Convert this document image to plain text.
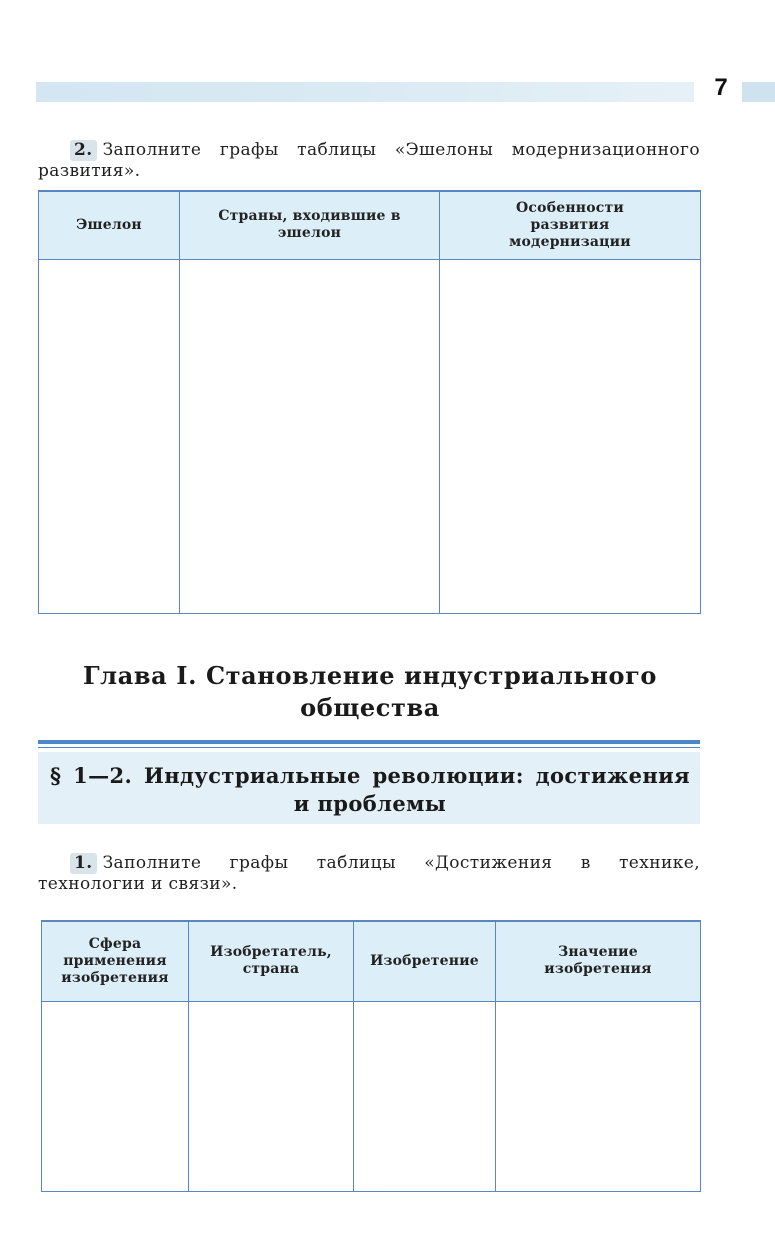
7
2. Заполните графы таблицы «Эшелоны модернизационного развития».
Эшелон	Страны, входившие в эшелон	Особенности развития модернизации

Глава I. Становление индустриального общества
§ 1—2. Индустриальные революции: достижения и проблемы
1. Заполните графы таблицы «Достижения в технике, технологии и связи».
Сфера применения изобретения	Изобретатель, страна	Изобретение	Значение изобретения
